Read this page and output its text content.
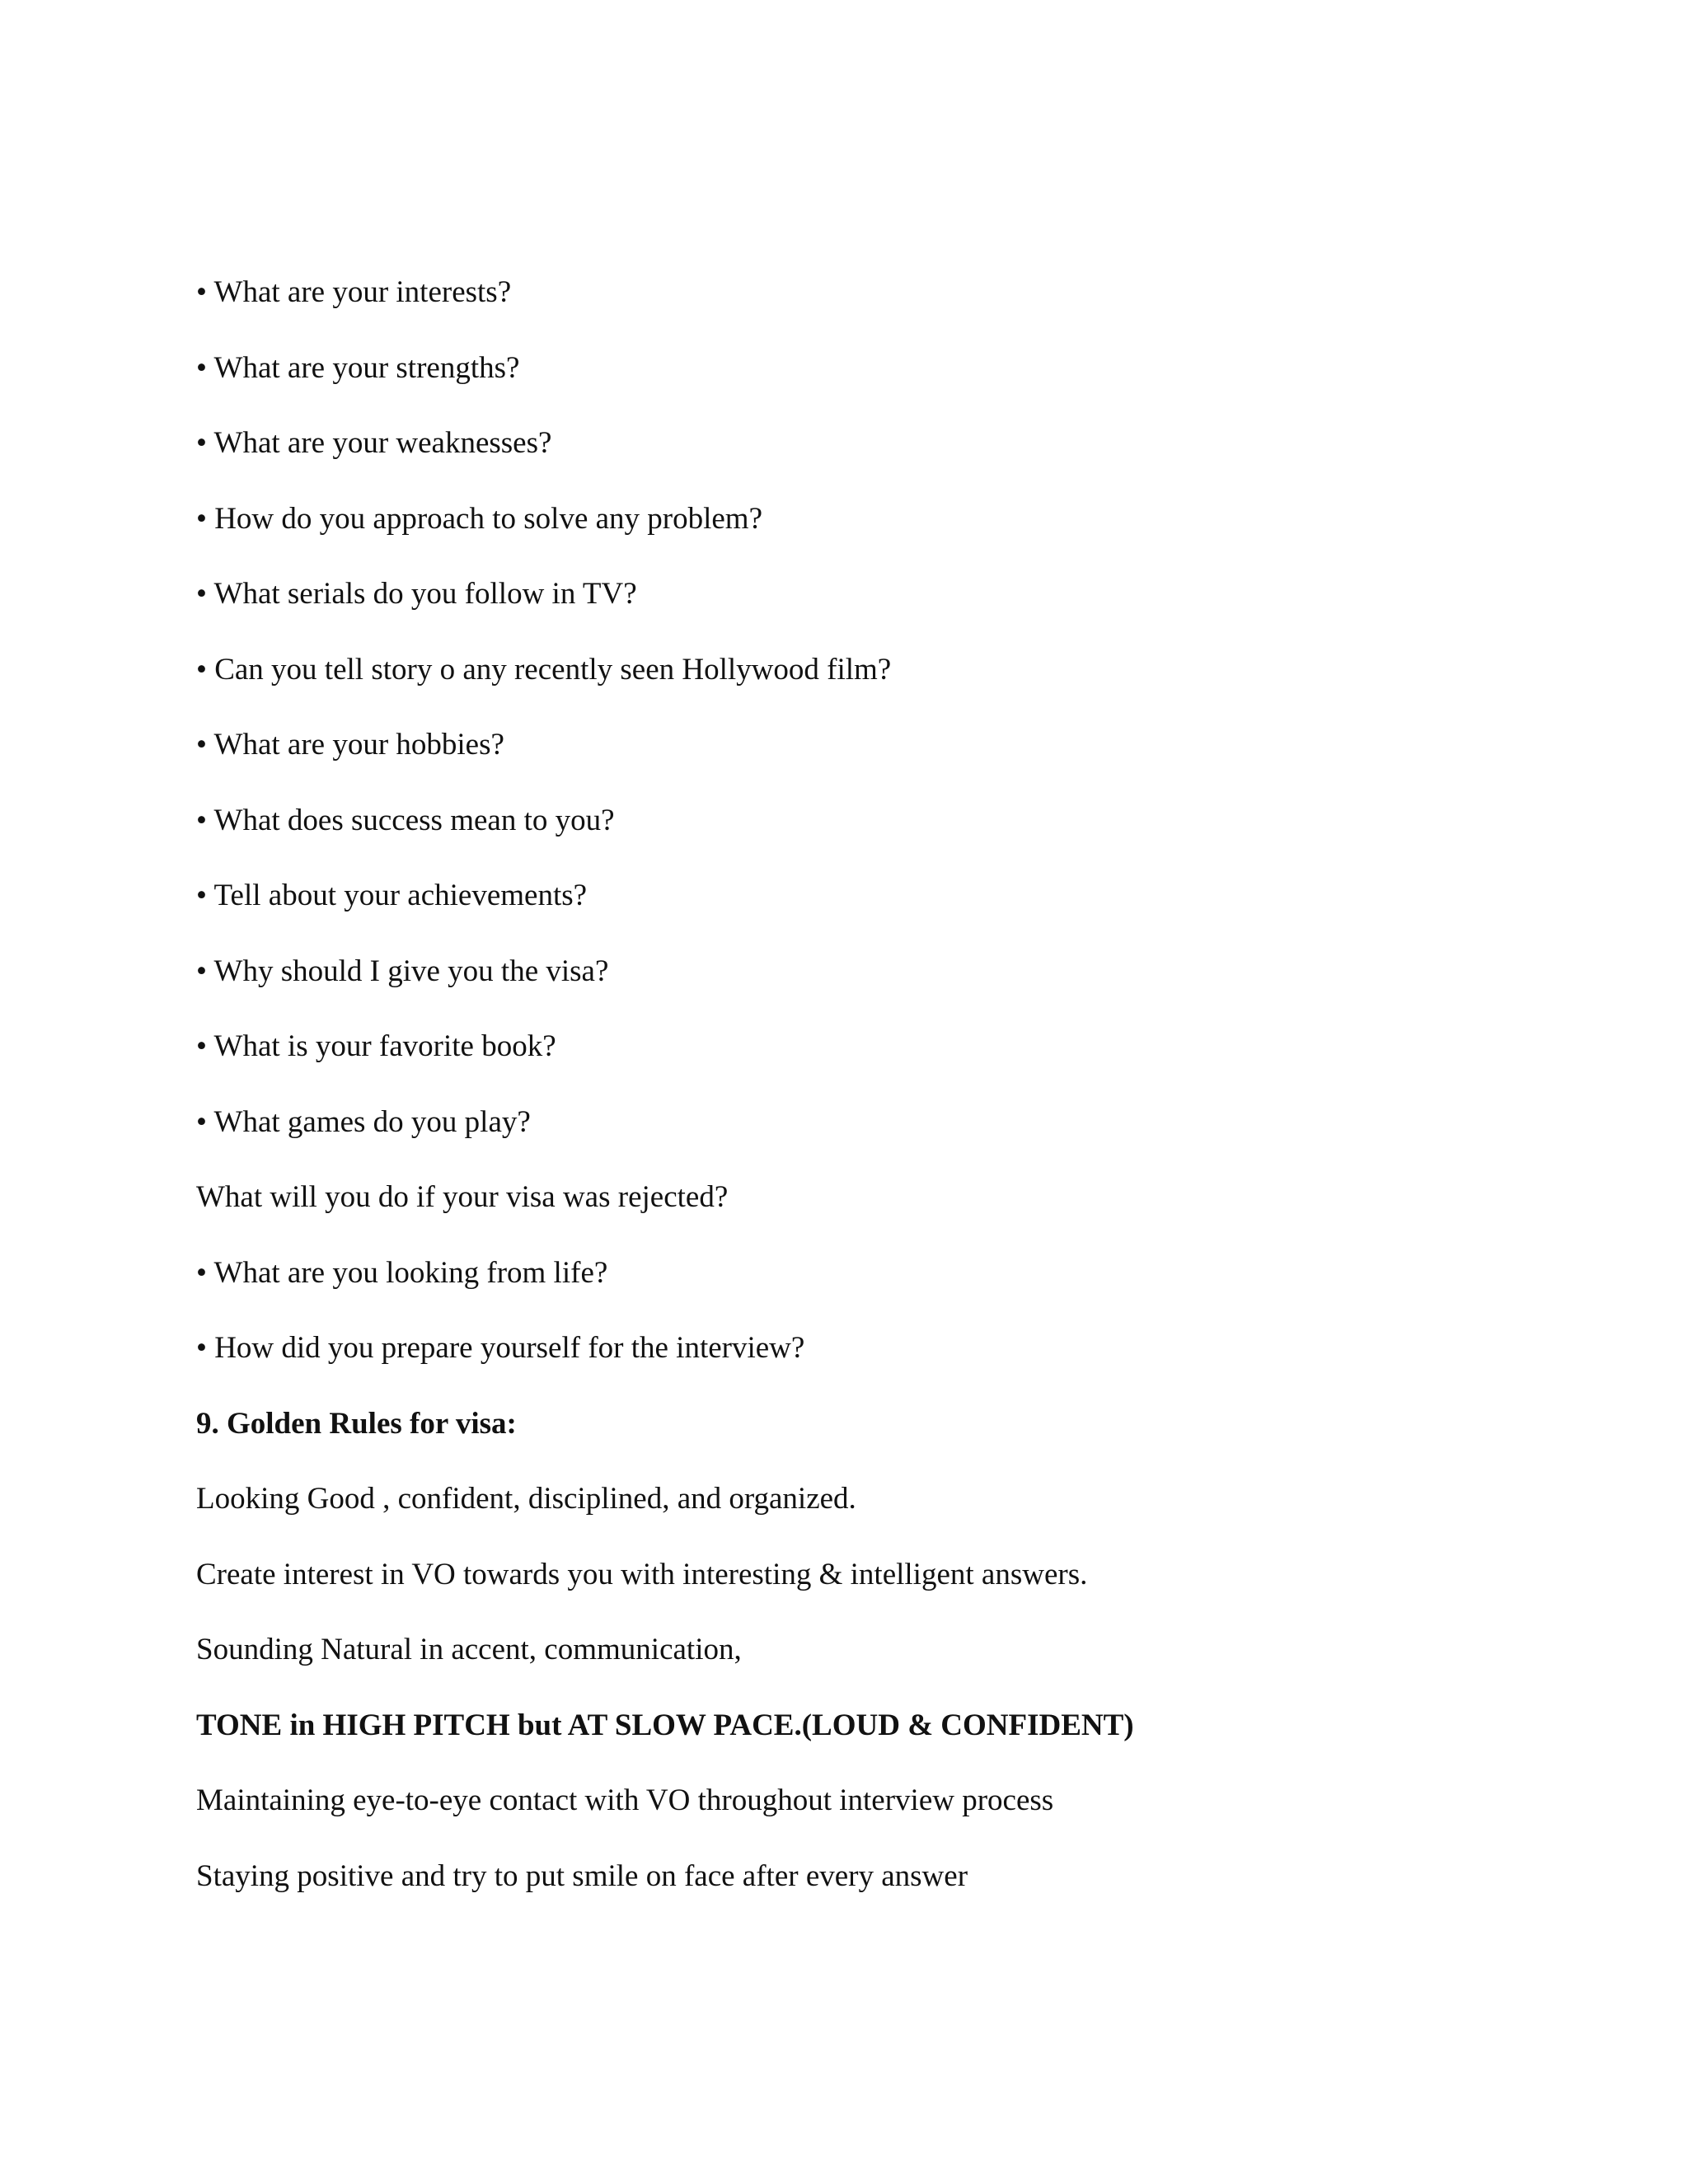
• What are your interests?
• What are your strengths?
• What are your weaknesses?
• How do you approach to solve any problem?
• What serials do you follow in TV?
• Can you tell story o any recently seen Hollywood film?
• What are your hobbies?
• What does success mean to you?
• Tell about your achievements?
• Why should I give you the visa?
• What is your favorite book?
• What games do you play?
What will you do if your visa was rejected?
• What are you looking from life?
• How did you prepare yourself for the interview?
9. Golden Rules for visa:
Looking Good , confident, disciplined, and organized.
Create interest in VO towards you with interesting & intelligent answers.
Sounding Natural in accent, communication,
TONE in HIGH PITCH but AT SLOW PACE.(LOUD & CONFIDENT)
Maintaining eye-to-eye contact with VO throughout interview process
Staying positive and try to put smile on face after every answer
